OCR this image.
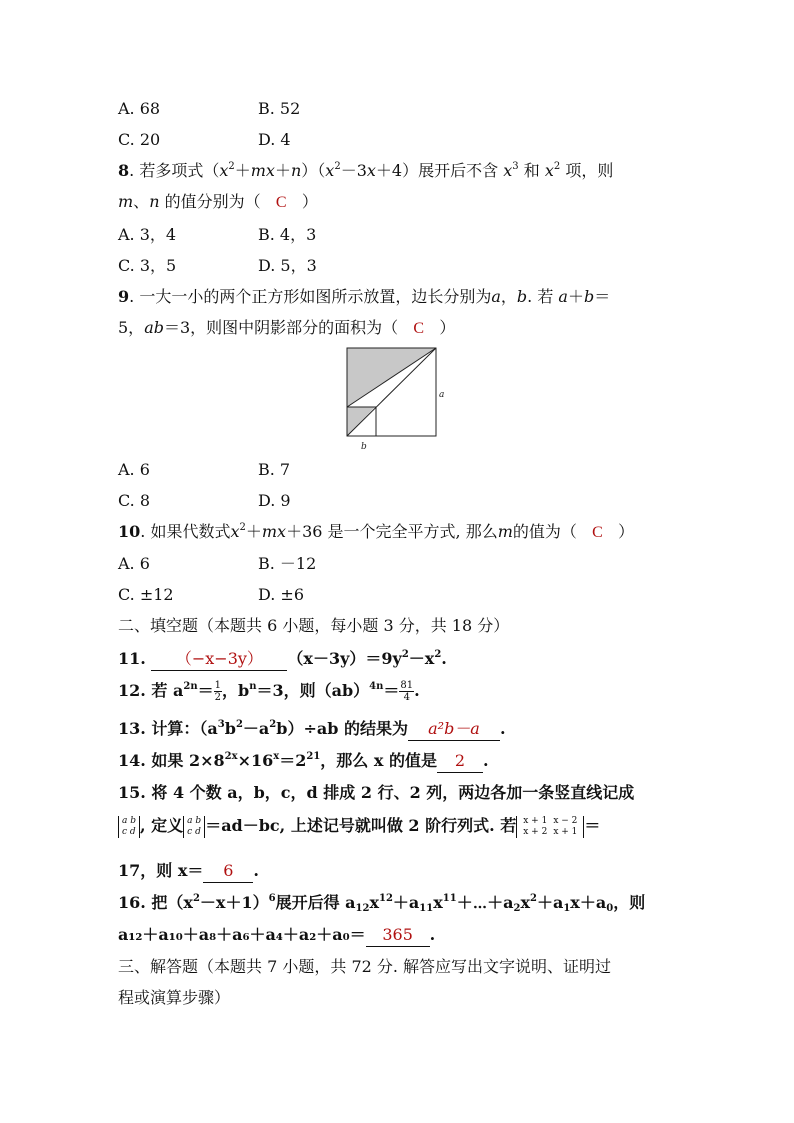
A. 68	B. 52
C. 20	D. 4
8. 若多项式$(x^2+mx+n)(x^2-3x+4)$展开后不含 $x^3$ 和 $x^2$ 项，则
m、n 的值分别为（ C ）
A. 3，4	B. 4，3
C. 3，5	D. 5，3
9. 一大一小的两个正方形如图所示放置，边长分别为a，b. 若 a＋b＝
5，ab＝3，则图中阴影部分的面积为（ C ）
a
b
A. 6	B. 7
C. 8	D. 9
10. 如果代数式$x^2+mx+36$ 是一个完全平方式, 那么m的值为（ C ）
A. 6	B. －12
C. ±12	D. ±6
二、填空题（本题共 6 小题，每小题 3 分，共 18 分）
11. （−x−3y） $(x-3y)=9y^2-x^2$.
12. 若 $a^{2n}= \frac{1}{2}$ ，$b^n=3$，则$(ab)^{4n}= \frac{81}{4}$ .
13. 计算：$(a^3b^2-a^2b)\div ab$ 的结果为 a²b－a .
14. 如果 $2\times 8^{2x}\times 16^x=2^{21}$，那么 x 的值是 2 .
15. 将 4 个数 a，b，c，d 排成 2 行、2 列，两边各加一条竖直线记成
a b
c d , 定义 a b
c d ＝ad－bc, 上述记号就叫做 2 阶行列式. 若 x + 1 x − 2
x + 2 x + 1 ＝
17，则 x＝ 6 .
16. 把$(x^2-x+1)^6$展开后得 $a_{12}x^{12}+a_{11}x^{11}+\cdots+a_2x^2+a_1x+a_0$，则
a₁₂＋a₁₀＋a₈＋a₆＋a₄＋a₂＋a₀＝ 365 .
三、解答题（本题共 7 小题，共 72 分. 解答应写出文字说明、证明过
程或演算步骤）
